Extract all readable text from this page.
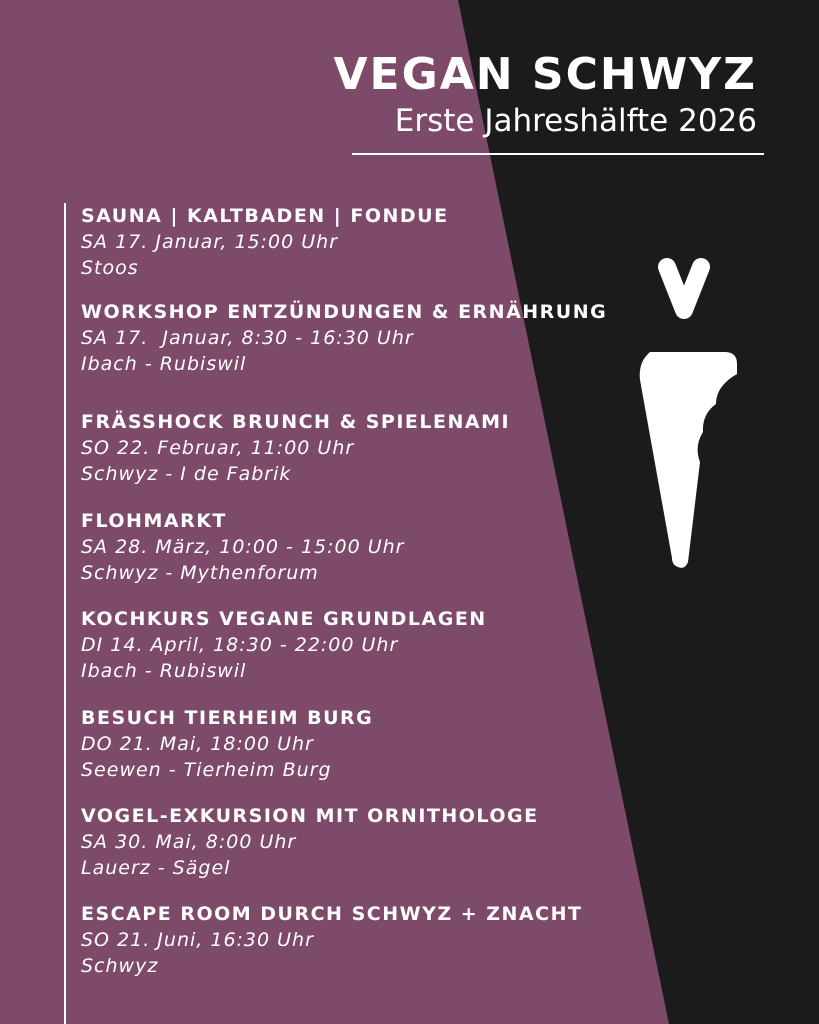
VEGAN SCHWYZ
Erste Jahreshälfte 2026
SAUNA | KALTBADEN | FONDUE
SA 17. Januar, 15:00 Uhr
Stoos
WORKSHOP ENTZÜNDUNGEN & ERNÄHRUNG
SA 17.  Januar, 8:30 - 16:30 Uhr
Ibach - Rubiswil
FRÄSSHOCK BRUNCH & SPIELENAMI
SO 22. Februar, 11:00 Uhr
Schwyz - I de Fabrik
FLOHMARKT
SA 28. März, 10:00 - 15:00 Uhr
Schwyz - Mythenforum
KOCHKURS VEGANE GRUNDLAGEN
DI 14. April, 18:30 - 22:00 Uhr
Ibach - Rubiswil
BESUCH TIERHEIM BURG
DO 21. Mai, 18:00 Uhr
Seewen - Tierheim Burg
VOGEL-EXKURSION MIT ORNITHOLOGE
SA 30. Mai, 8:00 Uhr
Lauerz - Sägel
ESCAPE ROOM DURCH SCHWYZ + ZNACHT
SO 21. Juni, 16:30 Uhr
Schwyz
